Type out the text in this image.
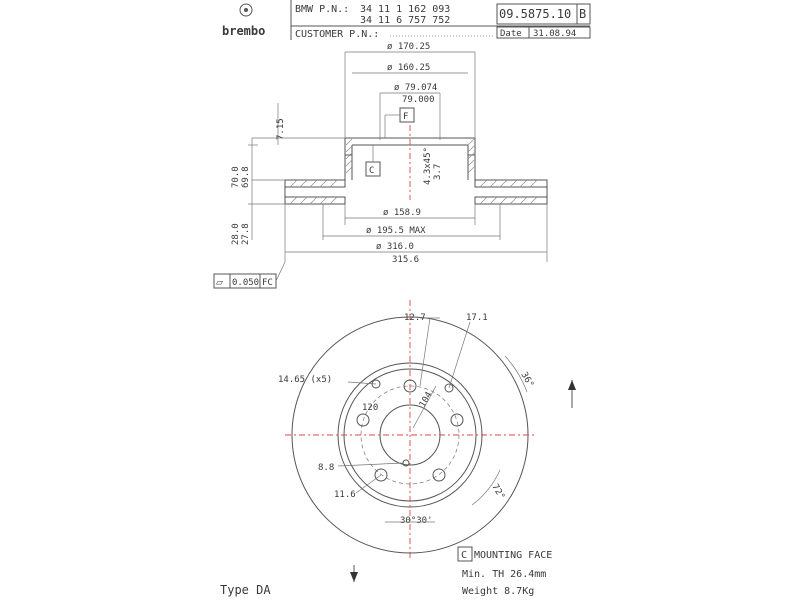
brembo
BMW P.N.: 34 11 1 162 093
34 11 6 757 752
CUSTOMER P.N.:
09.5875.10 B
Date 31.08.94
ø 170.25
ø 160.25
ø 79.074
79.000
F
C	4.3x45° 3.7
7.15
70.0 69.8
28.0 27.8
ø 158.9
ø 195.5 MAX
ø 316.0
315.6
⏥ 0.050 FC
12.7	17.1
14.65 (x5)	36°
120	104
8.8
72°
11.6
30°30'
C MOUNTING FACE
Min. TH 26.4mm
Weight 8.7Kg
Type DA
